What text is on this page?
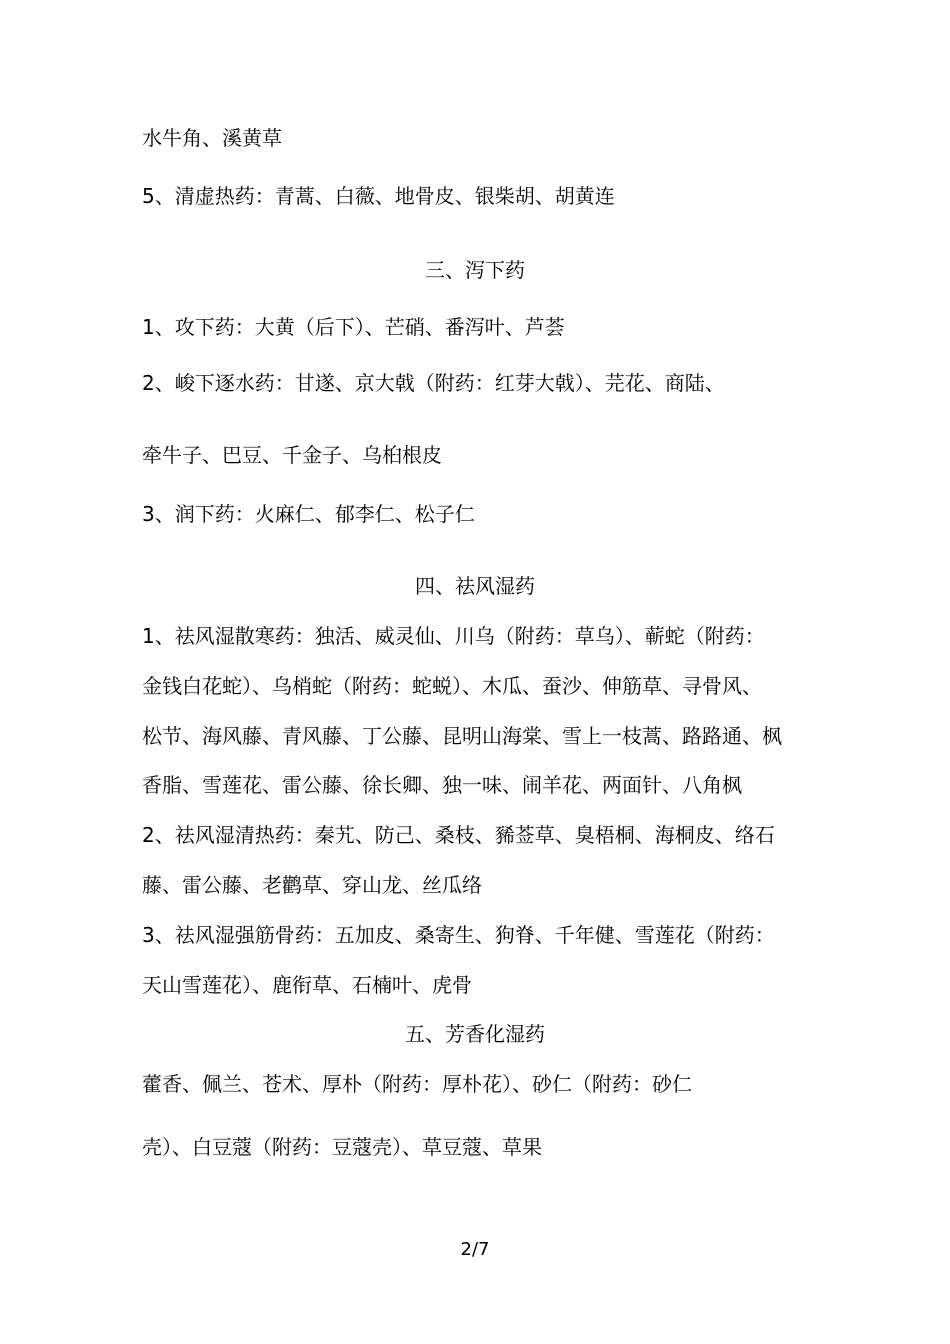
水牛角、溪黄草
5、清虚热药：青蒿、白薇、地骨皮、银柴胡、胡黄连
三、泻下药
1、攻下药：大黄（后下）、芒硝、番泻叶、芦荟
2、峻下逐水药：甘遂、京大戟（附药：红芽大戟）、芫花、商陆、
牵牛子、巴豆、千金子、乌桕根皮
3、润下药：火麻仁、郁李仁、松子仁
四、祛风湿药
1、祛风湿散寒药：独活、威灵仙、川乌（附药：草乌）、蕲蛇（附药：
金钱白花蛇）、乌梢蛇（附药：蛇蜕）、木瓜、蚕沙、伸筋草、寻骨风、
松节、海风藤、青风藤、丁公藤、昆明山海棠、雪上一枝蒿、路路通、枫
香脂、雪莲花、雷公藤、徐长卿、独一味、闹羊花、两面针、八角枫
2、祛风湿清热药：秦艽、防己、桑枝、豨莶草、臭梧桐、海桐皮、络石
藤、雷公藤、老鹳草、穿山龙、丝瓜络
3、祛风湿强筋骨药：五加皮、桑寄生、狗脊、千年健、雪莲花（附药：
天山雪莲花）、鹿衔草、石楠叶、虎骨
五、芳香化湿药
藿香、佩兰、苍术、厚朴（附药：厚朴花）、砂仁（附药：砂仁
壳）、白豆蔻（附药：豆蔻壳）、草豆蔻、草果
2/7
